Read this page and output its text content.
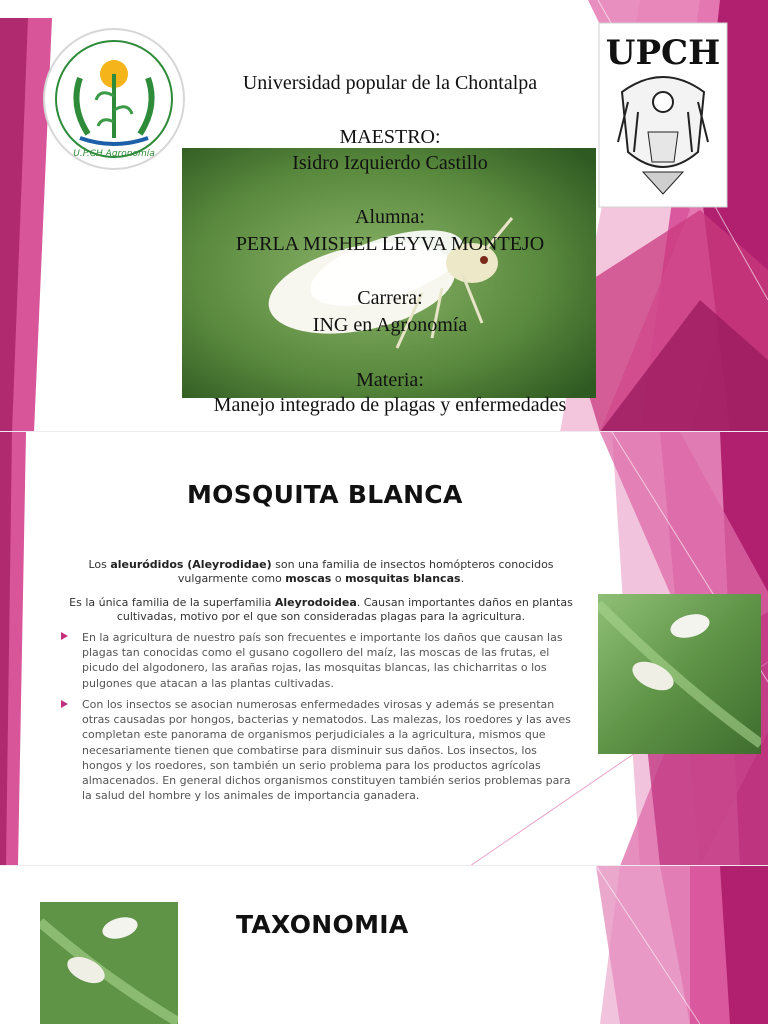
U.P.CH Agronomía
UPCH
Universidad popular de la Chontalpa
MAESTRO:
Isidro Izquierdo Castillo
Alumna:
PERLA MISHEL LEYVA MONTEJO
Carrera:
ING en Agronomía
Materia:
Manejo integrado de plagas y enfermedades
MOSQUITA BLANCA
Los aleuródidos (Aleyrodidae) son una familia de insectos homópteros conocidos vulgarmente como moscas o mosquitas blancas.
Es la única familia de la superfamilia Aleyrodoidea. Causan importantes daños en plantas cultivadas, motivo por el que son consideradas plagas para la agricultura.
En la agricultura de nuestro país son frecuentes e importante los daños que causan las plagas tan conocidas como el gusano cogollero del maíz, las moscas de las frutas, el picudo del algodonero, las arañas rojas, las mosquitas blancas, las chicharritas o los pulgones que atacan a las plantas cultivadas.
Con los insectos se asocian numerosas enfermedades virosas y además se presentan otras causadas por hongos, bacterias y nematodos. Las malezas, los roedores y las aves completan este panorama de organismos perjudiciales a la agricultura, mismos que necesariamente tienen que combatirse para disminuir sus daños. Los insectos, los hongos y los roedores, son también un serio problema para los productos agrícolas almacenados. En general dichos organismos constituyen también serios problemas para la salud del hombre y los animales de importancia ganadera.
TAXONOMIA
